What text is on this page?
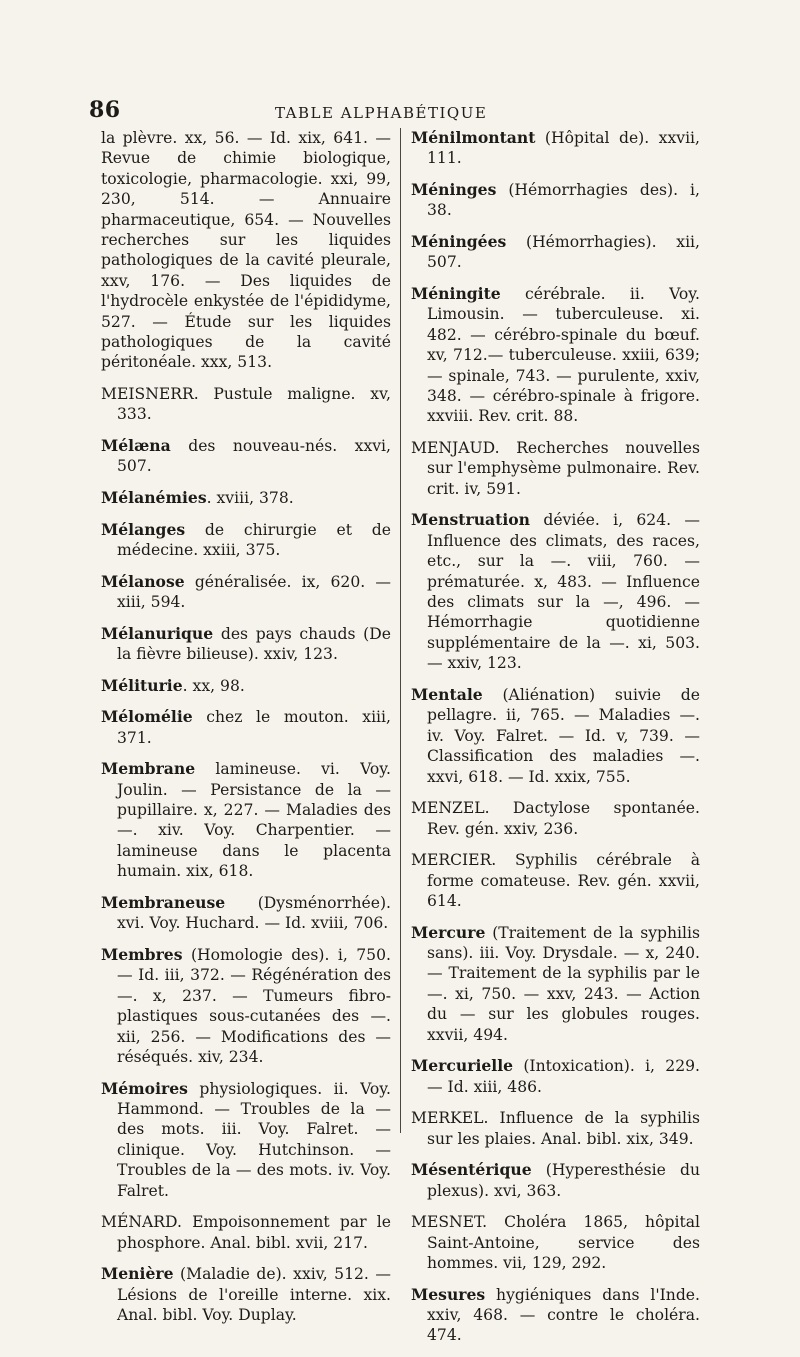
86	TABLE ALPHABÉTIQUE

la plèvre. xx, 56. — Id. xix, 641. — Revue de chimie biologique, toxicologie, pharmacologie. xxi, 99, 230, 514. — Annuaire pharmaceutique, 654. — Nouvelles recherches sur les liquides pathologiques de la cavité pleurale, xxv, 176. — Des liquides de l'hydrocèle enkystée de l'épididyme, 527. — Étude sur les liquides pathologiques de la cavité péritonéale. xxx, 513.

MEISNERR. Pustule maligne. xv, 333.

Mélæna des nouveau-nés. xxvi, 507.

Mélanémies. xviii, 378.

Mélanges de chirurgie et de médecine. xxiii, 375.

Mélanose généralisée. ix, 620. — xiii, 594.

Mélanurique des pays chauds (De la fièvre bilieuse). xxiv, 123.

Méliturie. xx, 98.

Mélomélie chez le mouton. xiii, 371.

Membrane lamineuse. vi. Voy. Joulin. — Persistance de la — pupillaire. x, 227. — Maladies des —. xiv. Voy. Charpentier. — lamineuse dans le placenta humain. xix, 618.

Membraneuse (Dysménorrhée). xvi. Voy. Huchard. — Id. xviii, 706.

Membres (Homologie des). i, 750. — Id. iii, 372. — Régénération des —. x, 237. — Tumeurs fibro-plastiques sous-cutanées des —. xii, 256. — Modifications des — réséqués. xiv, 234.

Mémoires physiologiques. ii. Voy. Hammond. — Troubles de la — des mots. iii. Voy. Falret. — clinique. Voy. Hutchinson. — Troubles de la — des mots. iv. Voy. Falret.

MÉNARD. Empoisonnement par le phosphore. Anal. bibl. xvii, 217.

Menière (Maladie de). xxiv, 512. — Lésions de l'oreille interne. xix. Anal. bibl. Voy. Duplay.

Ménilmontant (Hôpital de). xxvii, 111.

Méninges (Hémorrhagies des). i, 38.

Méningées (Hémorrhagies). xii, 507.

Méningite cérébrale. ii. Voy. Limousin. — tuberculeuse. xi. 482. — cérébro-spinale du bœuf. xv, 712.— tuberculeuse. xxiii, 639; — spinale, 743. — purulente, xxiv, 348. — cérébro-spinale à frigore. xxviii. Rev. crit. 88.

MENJAUD. Recherches nouvelles sur l'emphysème pulmonaire. Rev. crit. iv, 591.

Menstruation déviée. i, 624. — Influence des climats, des races, etc., sur la —. viii, 760. — prématurée. x, 483. — Influence des climats sur la —, 496. — Hémorrhagie quotidienne supplémentaire de la —. xi, 503. — xxiv, 123.

Mentale (Aliénation) suivie de pellagre. ii, 765. — Maladies —. iv. Voy. Falret. — Id. v, 739. — Classification des maladies —. xxvi, 618. — Id. xxix, 755.

MENZEL. Dactylose spontanée. Rev. gén. xxiv, 236.

MERCIER. Syphilis cérébrale à forme comateuse. Rev. gén. xxvii, 614.

Mercure (Traitement de la syphilis sans). iii. Voy. Drysdale. — x, 240. — Traitement de la syphilis par le —. xi, 750. — xxv, 243. — Action du — sur les globules rouges. xxvii, 494.

Mercurielle (Intoxication). i, 229. — Id. xiii, 486.

MERKEL. Influence de la syphilis sur les plaies. Anal. bibl. xix, 349.

Mésentérique (Hyperesthésie du plexus). xvi, 363.

MESNET. Choléra 1865, hôpital Saint-Antoine, service des hommes. vii, 129, 292.

Mesures hygiéniques dans l'Inde. xxiv, 468. — contre le choléra. 474.
